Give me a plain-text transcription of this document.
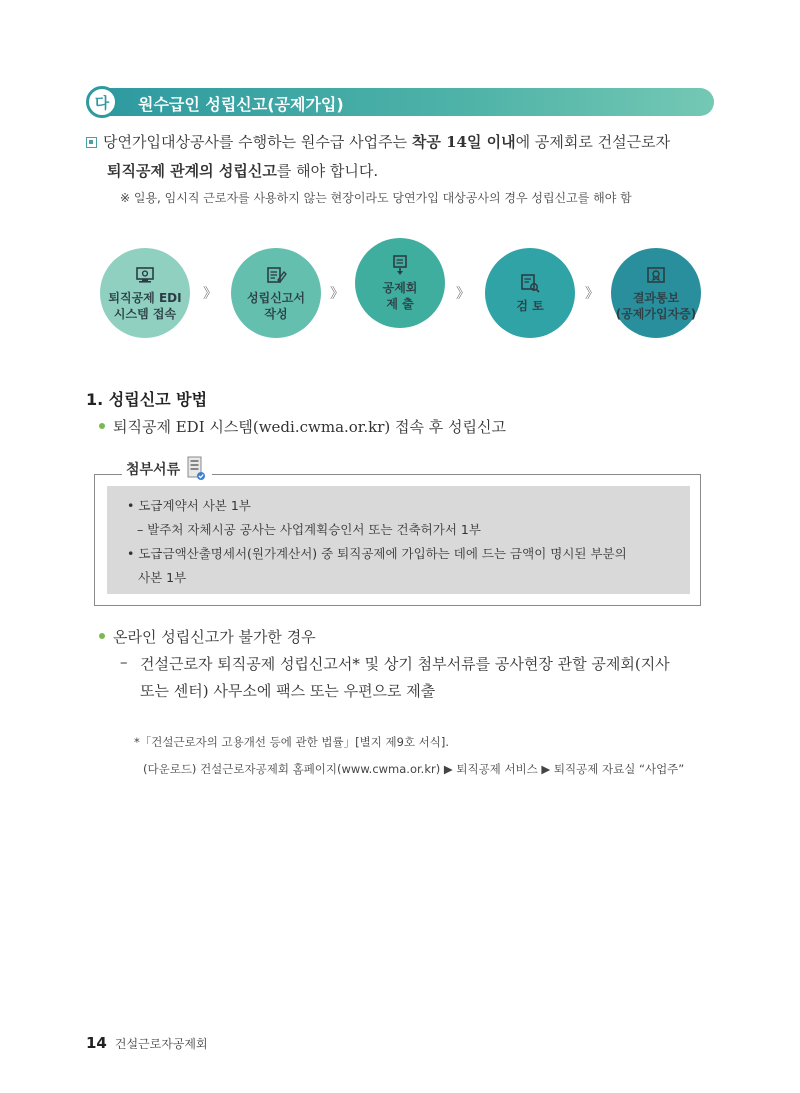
다	원수급인 성립신고(공제가입)
당연가입대상공사를 수행하는 원수급 사업주는 착공 14일 이내에 공제회로 건설근로자
퇴직공제 관계의 성립신고를 해야 합니다.
※ 일용, 임시직 근로자를 사용하지 않는 현장이라도 당연가입 대상공사의 경우 성립신고를 해야 함
퇴직공제 EDI
시스템 접속
》	성립신고서
작성
》	공제회
제 출
》
검 토
》	결과통보
(공제가입자증)
1. 성립신고 방법
퇴직공제 EDI 시스템(wedi.cwma.or.kr) 접속 후 성립신고
첨부서류
• 도급계약서 사본 1부
– 발주처 자체시공 공사는 사업계획승인서 또는 건축허가서 1부
• 도급금액산출명세서(원가계산서) 중 퇴직공제에 가입하는 데에 드는 금액이 명시된 부분의
사본 1부
온라인 성립신고가 불가한 경우
– 건설근로자 퇴직공제 성립신고서* 및 상기 첨부서류를 공사현장 관할 공제회(지사
또는 센터) 사무소에 팩스 또는 우편으로 제출
*「건설근로자의 고용개선 등에 관한 법률」[별지 제9호 서식].
(다운로드) 건설근로자공제회 홈페이지(www.cwma.or.kr) ▶ 퇴직공제 서비스 ▶ 퇴직공제 자료실 “사업주”
14 건설근로자공제회
